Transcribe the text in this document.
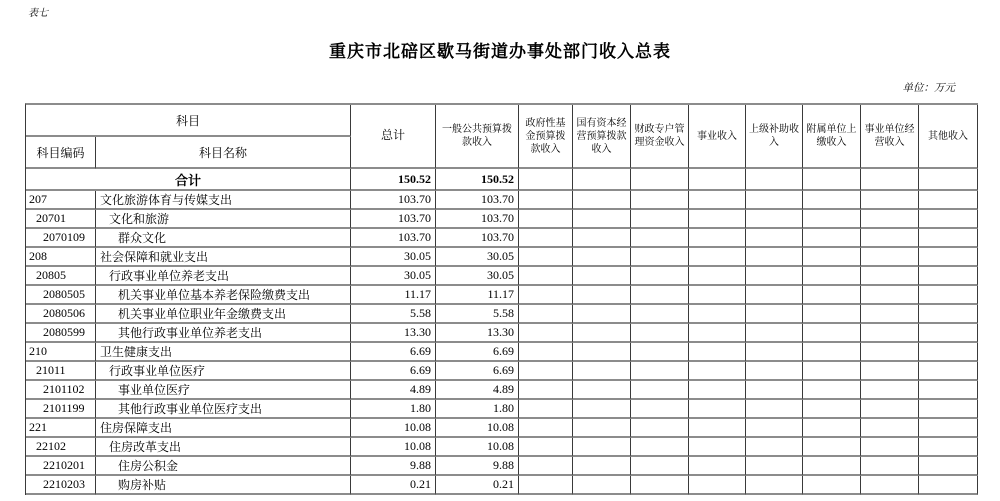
表七
重庆市北碚区歇马街道办事处部门收入总表
单位：万元
科目		总计	一般公共预算拨款收入	政府性基金预算拨款收入	国有资本经营预算拨款收入	财政专户管理资金收入	事业收入	上级补助收入	附属单位上缴收入	事业单位经营收入	其他收入
科目编码	科目名称										
合计		150.52	150.52								
207	文化旅游体育与传媒支出	103.70	103.70								
20701	文化和旅游	103.70	103.70								
2070109	群众文化	103.70	103.70								
208	社会保障和就业支出	30.05	30.05								
20805	行政事业单位养老支出	30.05	30.05								
2080505	机关事业单位基本养老保险缴费支出	11.17	11.17								
2080506	机关事业单位职业年金缴费支出	5.58	5.58								
2080599	其他行政事业单位养老支出	13.30	13.30								
210	卫生健康支出	6.69	6.69								
21011	行政事业单位医疗	6.69	6.69								
2101102	事业单位医疗	4.89	4.89								
2101199	其他行政事业单位医疗支出	1.80	1.80								
221	住房保障支出	10.08	10.08								
22102	住房改革支出	10.08	10.08								
2210201	住房公积金	9.88	9.88								
2210203	购房补贴	0.21	0.21								
